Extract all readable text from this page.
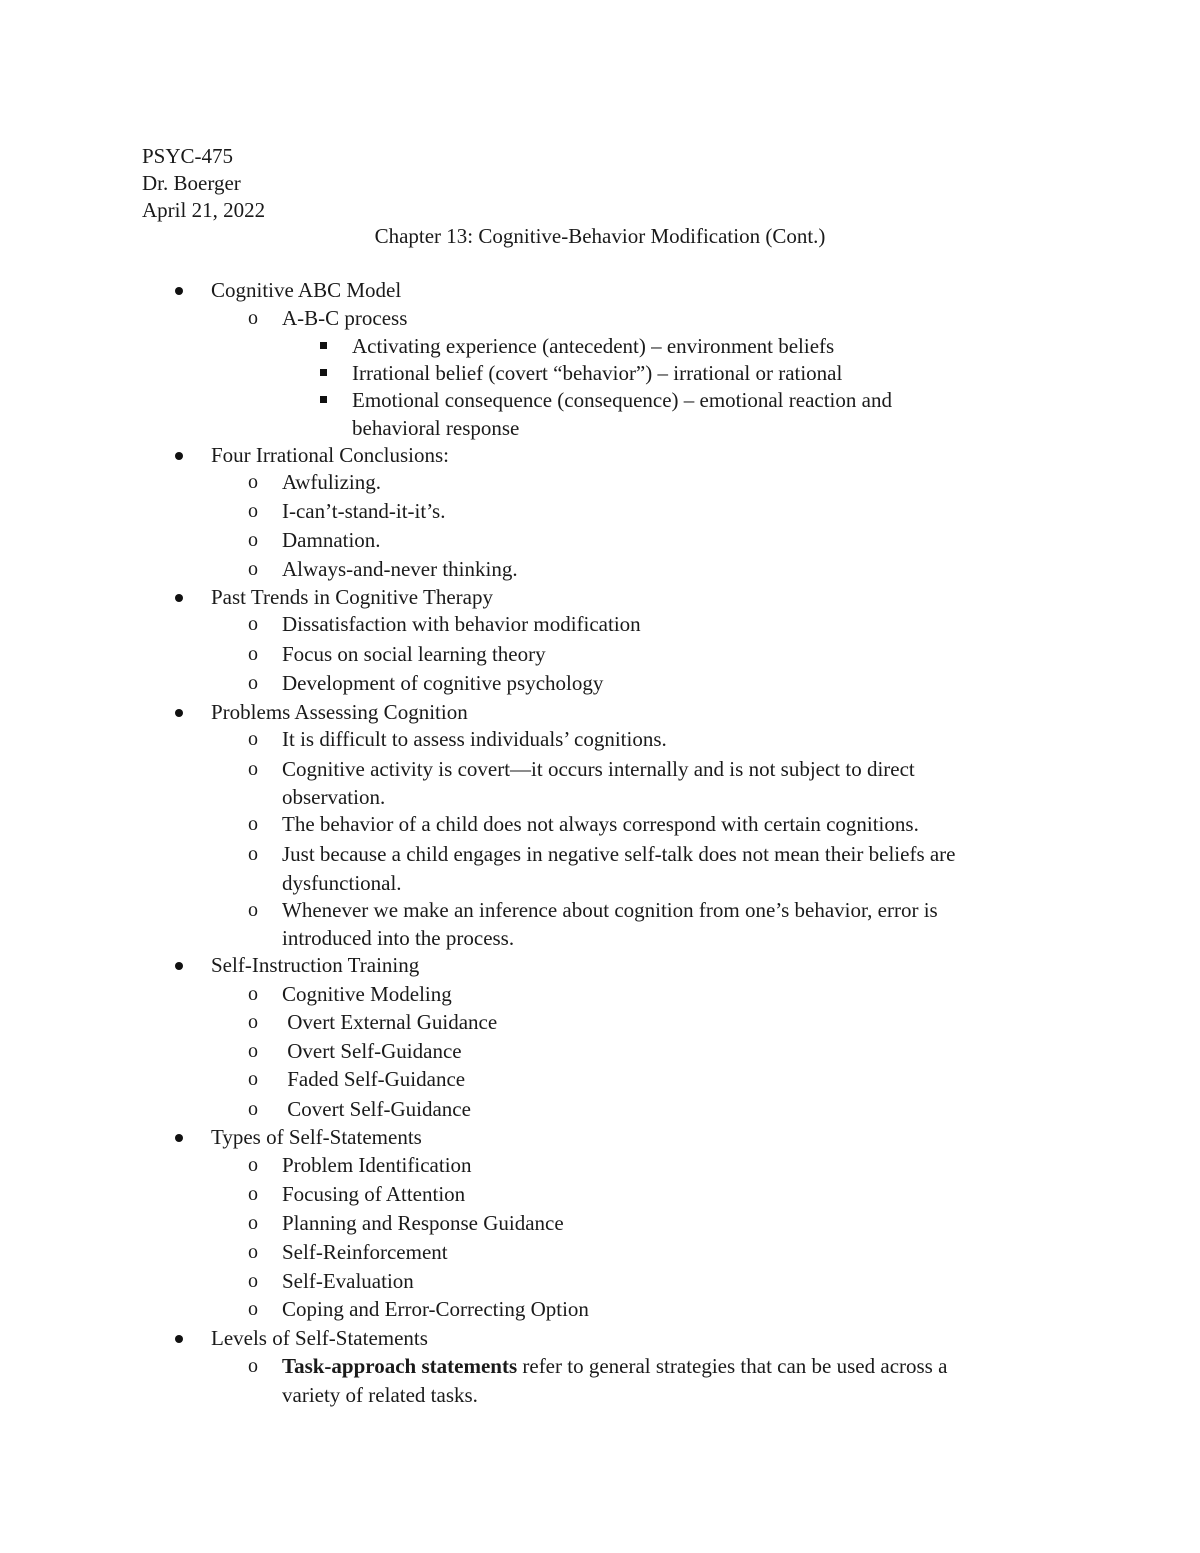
PSYC-475
Dr. Boerger
April 21, 2022
Chapter 13: Cognitive-Behavior Modification (Cont.)
Cognitive ABC Model
o A-B-C process
Activating experience (antecedent) – environment beliefs
Irrational belief (covert “behavior”) – irrational or rational
Emotional consequence (consequence) – emotional reaction and
behavioral response
Four Irrational Conclusions:
o Awfulizing.
o I-can’t-stand-it-it’s.
o Damnation.
o Always-and-never thinking.
Past Trends in Cognitive Therapy
o Dissatisfaction with behavior modification
o Focus on social learning theory
o Development of cognitive psychology
Problems Assessing Cognition
o It is difficult to assess individuals’ cognitions.
o Cognitive activity is covert—it occurs internally and is not subject to direct
observation.
o The behavior of a child does not always correspond with certain cognitions.
o Just because a child engages in negative self-talk does not mean their beliefs are
dysfunctional.
o Whenever we make an inference about cognition from one’s behavior, error is
introduced into the process.
Self-Instruction Training
o Cognitive Modeling
o Overt External Guidance
o Overt Self-Guidance
o Faded Self-Guidance
o Covert Self-Guidance
Types of Self-Statements
o Problem Identification
o Focusing of Attention
o Planning and Response Guidance
o Self-Reinforcement
o Self-Evaluation
o Coping and Error-Correcting Option
Levels of Self-Statements
o Task-approach statements refer to general strategies that can be used across a
variety of related tasks.
